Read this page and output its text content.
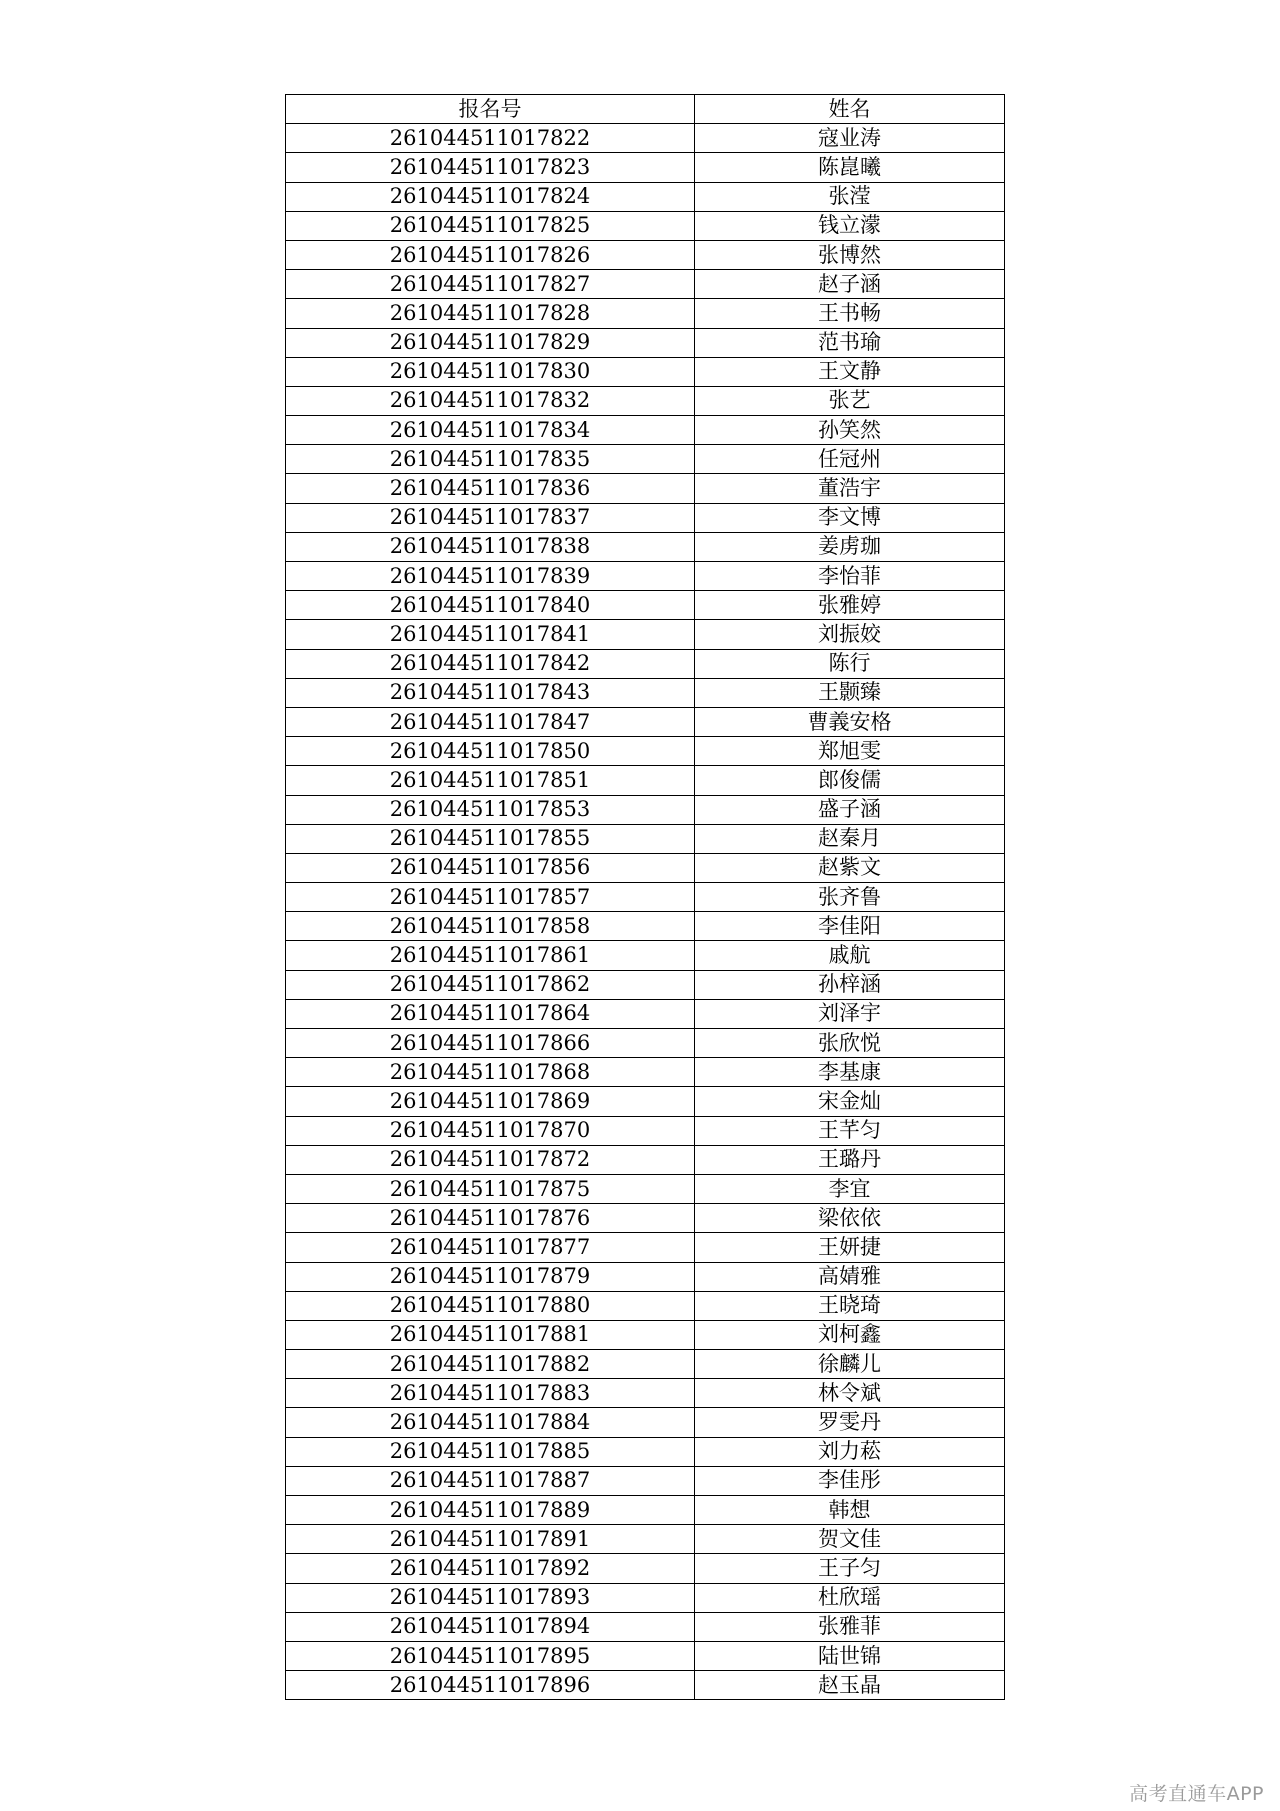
报名号	姓名
261044511017822	寇业涛
261044511017823	陈崑曦
261044511017824	张滢
261044511017825	钱立濛
261044511017826	张博然
261044511017827	赵子涵
261044511017828	王书畅
261044511017829	范书瑜
261044511017830	王文静
261044511017832	张艺
261044511017834	孙笑然
261044511017835	任冠州
261044511017836	董浩宇
261044511017837	李文博
261044511017838	姜虏珈
261044511017839	李怡菲
261044511017840	张雅婷
261044511017841	刘振姣
261044511017842	陈行
261044511017843	王颢臻
261044511017847	曹義安格
261044511017850	郑旭雯
261044511017851	郎俊儒
261044511017853	盛子涵
261044511017855	赵秦月
261044511017856	赵紫文
261044511017857	张齐鲁
261044511017858	李佳阳
261044511017861	戚航
261044511017862	孙梓涵
261044511017864	刘泽宇
261044511017866	张欣悦
261044511017868	李基康
261044511017869	宋金灿
261044511017870	王芊匀
261044511017872	王璐丹
261044511017875	李宜
261044511017876	梁依依
261044511017877	王妍捷
261044511017879	高婧雅
261044511017880	王晓琦
261044511017881	刘柯鑫
261044511017882	徐麟儿
261044511017883	林令斌
261044511017884	罗雯丹
261044511017885	刘力菘
261044511017887	李佳彤
261044511017889	韩想
261044511017891	贺文佳
261044511017892	王子匀
261044511017893	杜欣瑶
261044511017894	张雅菲
261044511017895	陆世锦
261044511017896	赵玉晶
高考直通车APP
